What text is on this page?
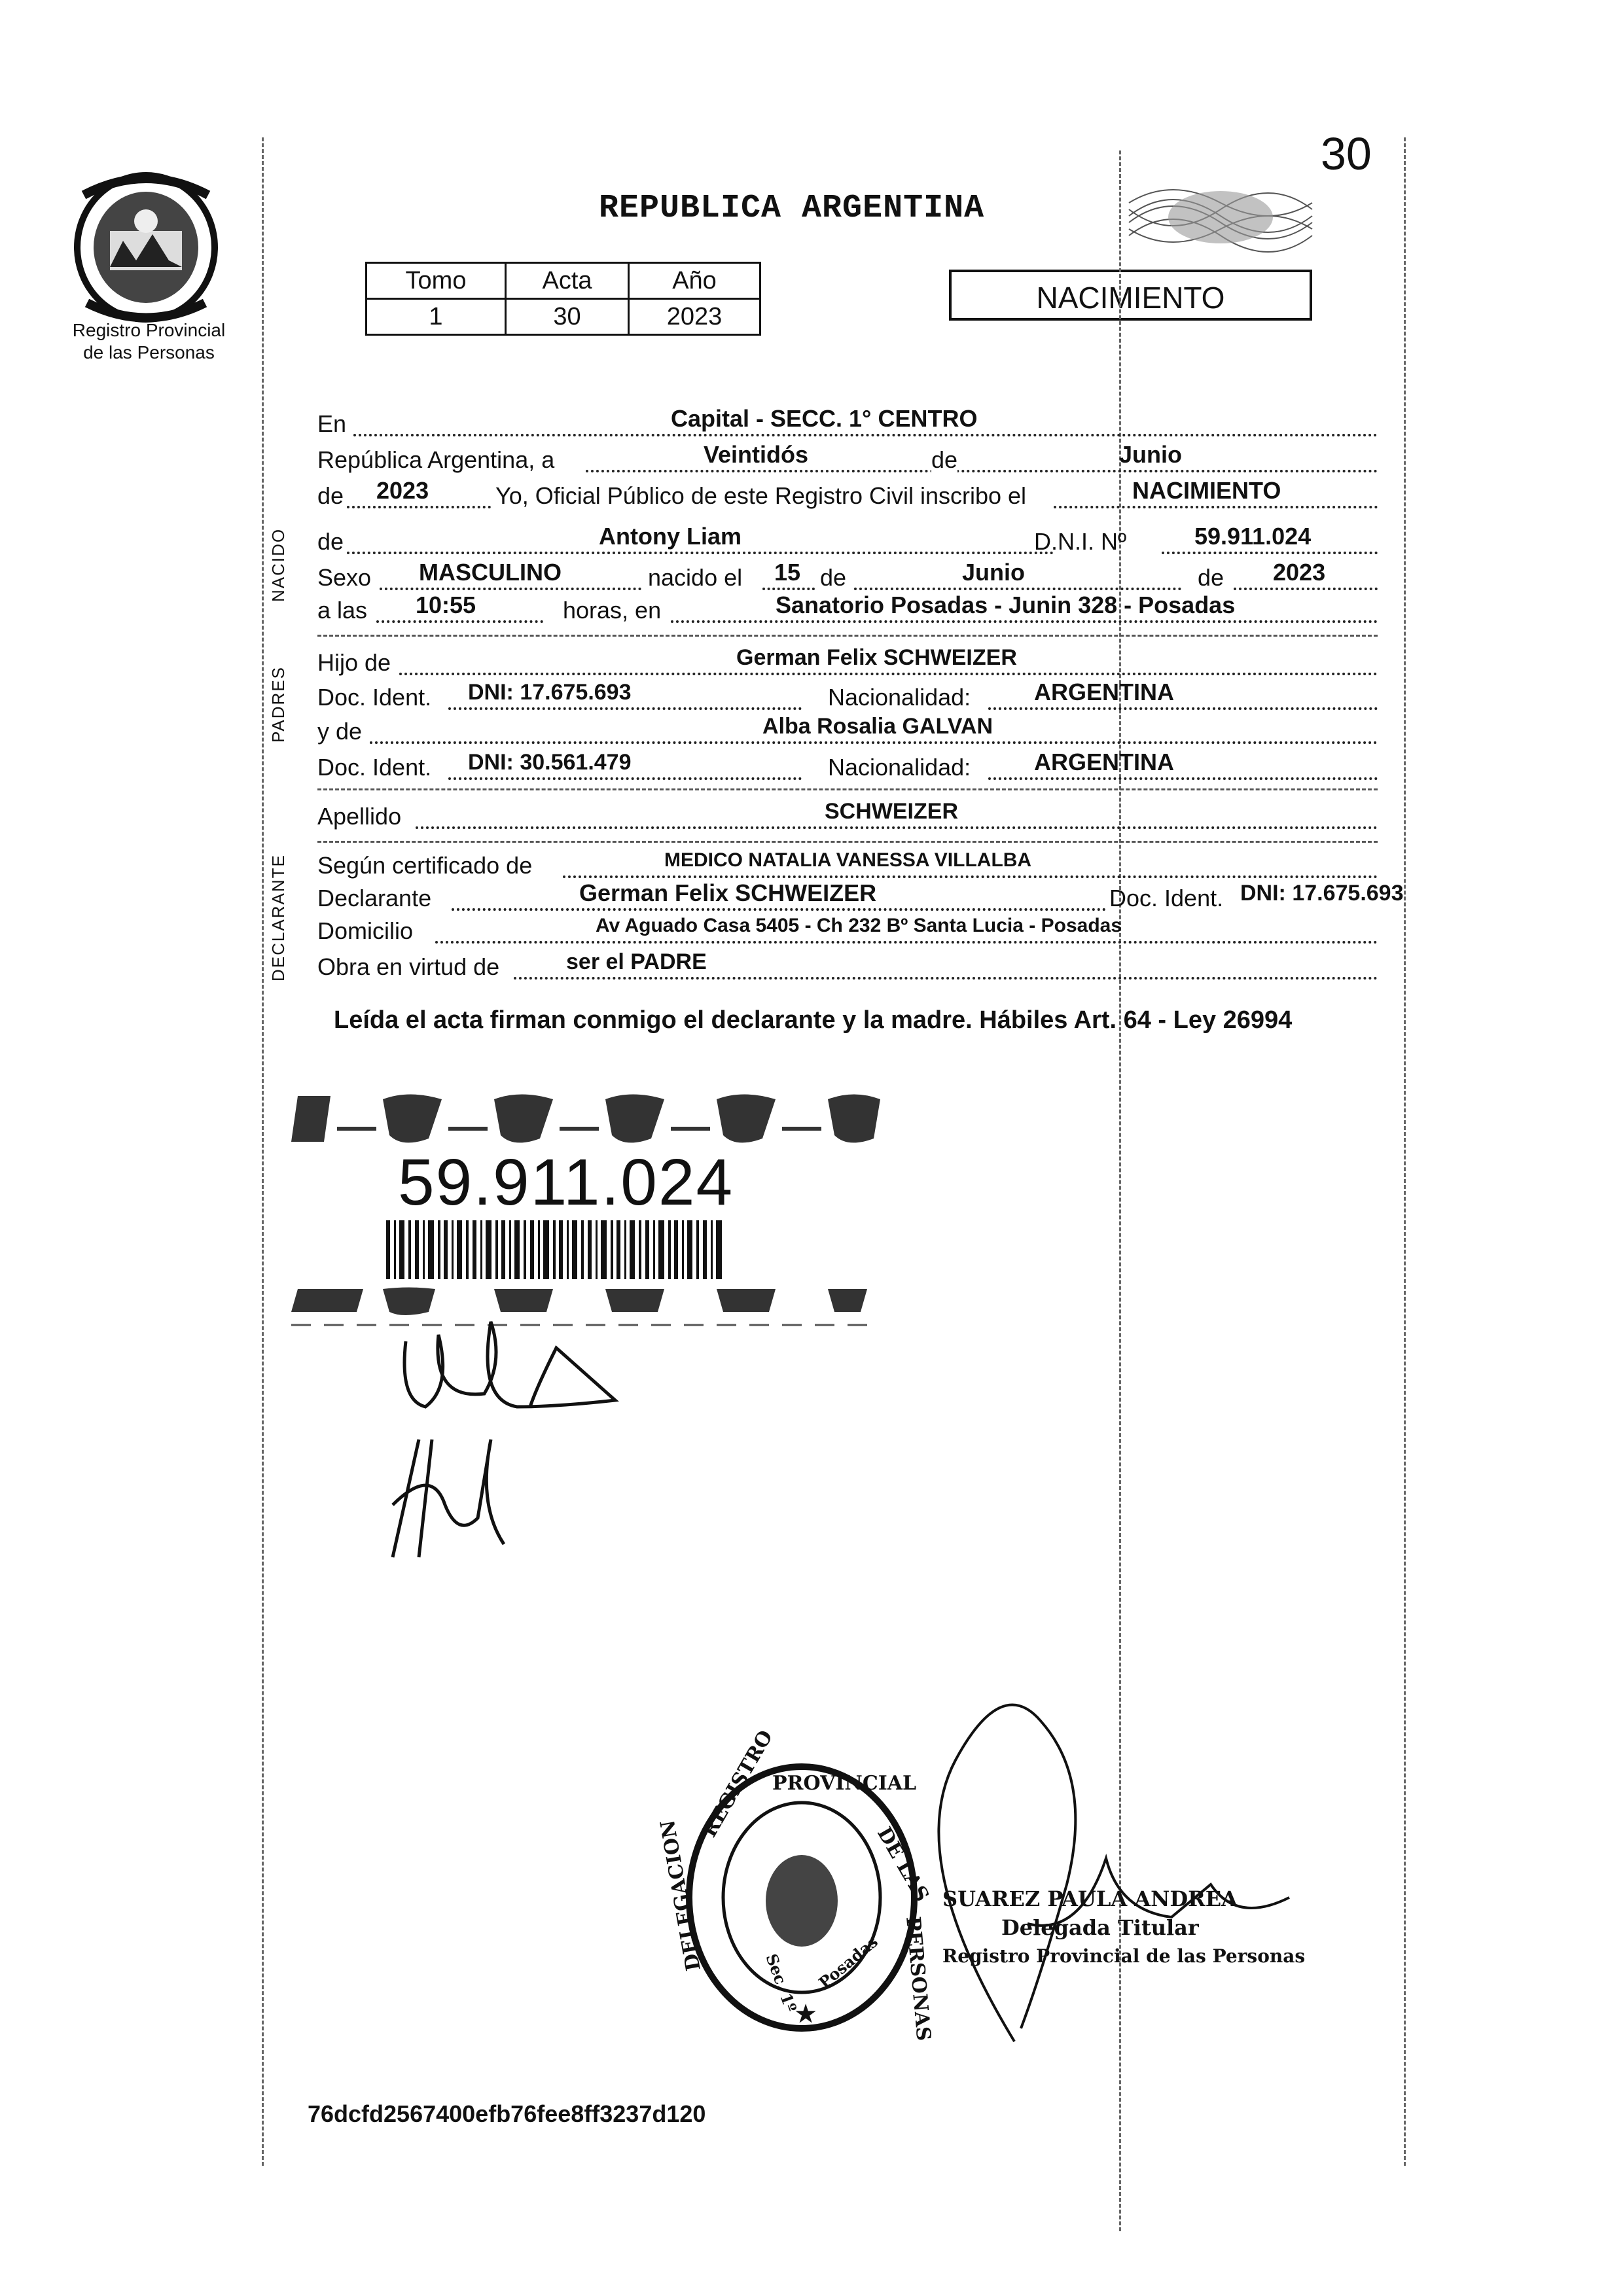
30
Registro Provincial
de las Personas
REPUBLICA ARGENTINA
Tomo	Acta	Año
1	30	2023
NACIMIENTO
En	Capital - SECC. 1° CENTRO
República Argentina, a	Veintidós	de	Junio
de 2023	Yo, Oficial Público de este Registro Civil inscribo el	NACIMIENTO
de	Antony Liam	D.N.I. Nº	59.911.024
Sexo MASCULINO	nacido el 15 de	Junio	de 2023
a las 10:55	horas, en	Sanatorio Posadas - Junin 328 - Posadas
Hijo de	German Felix SCHWEIZER
Doc. Ident. DNI: 17.675.693	Nacionalidad:	ARGENTINA
y de	Alba Rosalia GALVAN
Doc. Ident. DNI: 30.561.479	Nacionalidad:	ARGENTINA
Apellido	SCHWEIZER
Según certificado de	MEDICO NATALIA VANESSA VILLALBA
Declarante	German Felix SCHWEIZER	Doc. Ident. DNI: 17.675.693
Domicilio	Av Aguado Casa 5405 - Ch 232 Bº Santa Lucia - Posadas
Obra en virtud de	ser el PADRE
NACIDO
PADRES
DECLARANTE
Leída el acta firman conmigo el declarante y la madre. Hábiles Art. 64 - Ley 26994
59.911.024
REGISTRO
PROVINCIAL
DE LAS
PERSONAS
DELEGACION
Sec. 1º Posadas
★
SUAREZ PAULA ANDREA
Delegada Titular
Registro Provincial de las Personas
76dcfd2567400efb76fee8ff3237d120
